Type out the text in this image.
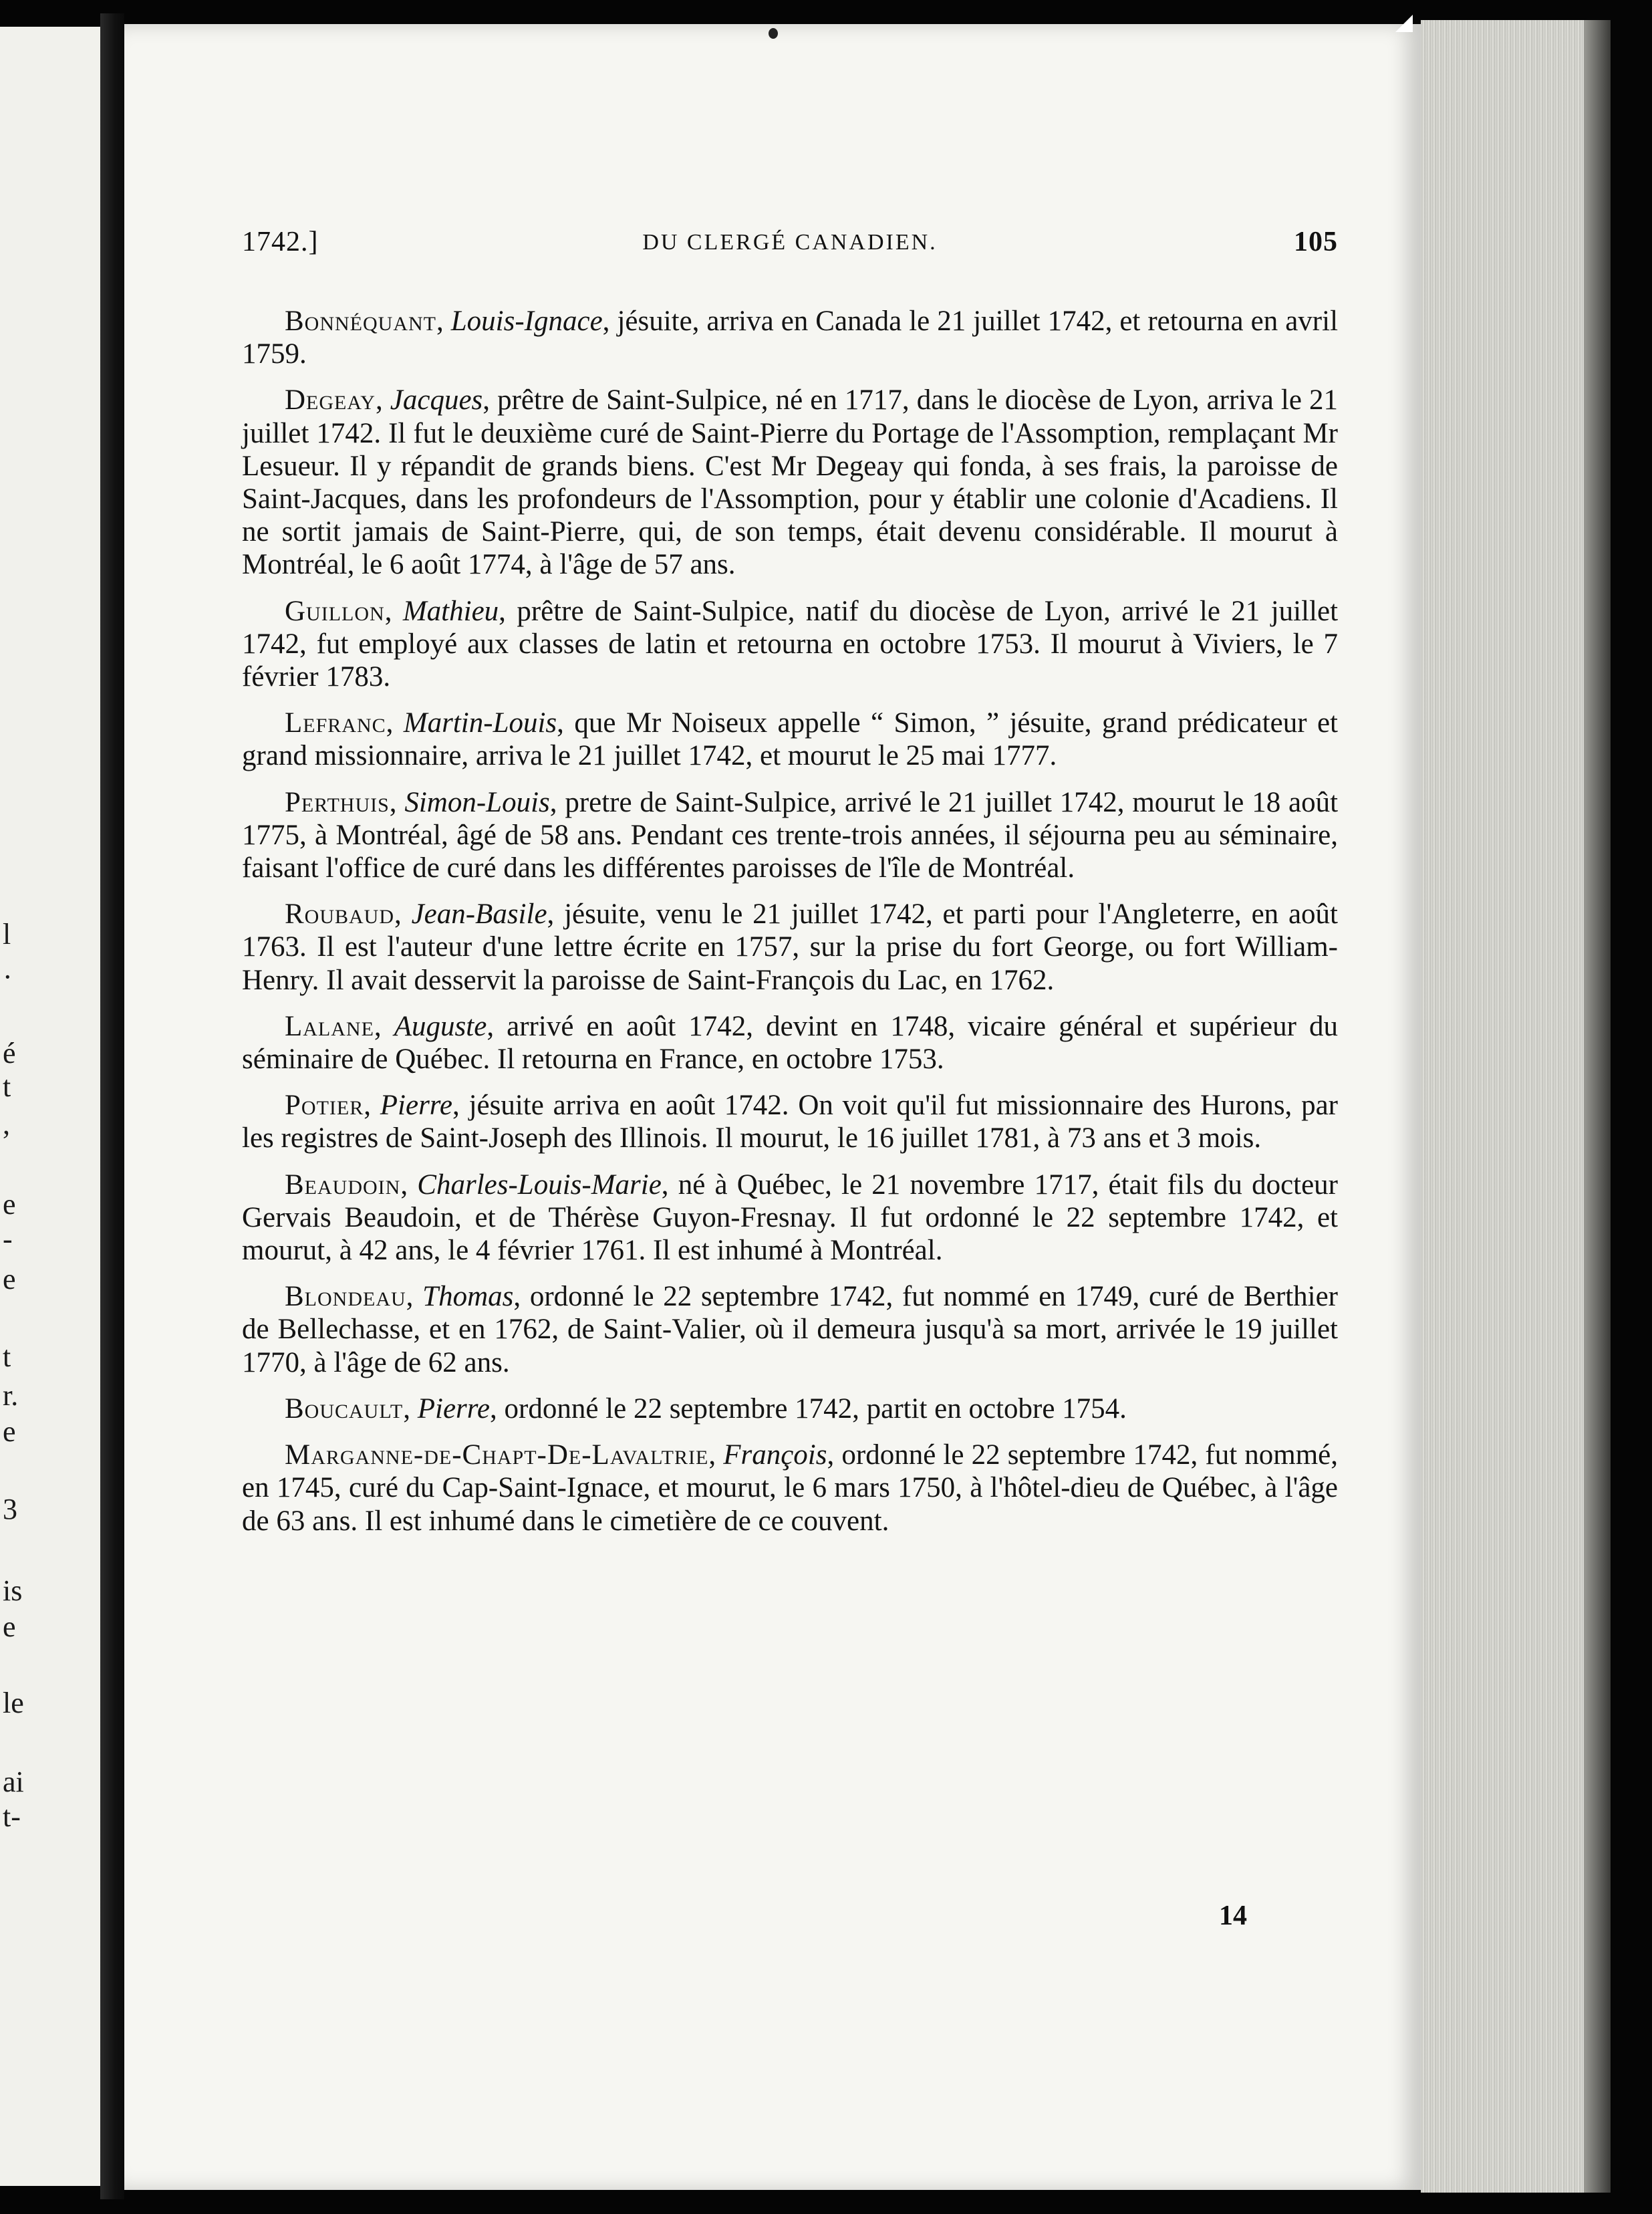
l
·
é
t
,
e
-
e
t
r.
e
3
is
e
le
ai
t-
1742.]	DU CLERGÉ CANADIEN.	105

Bonnéquant, Louis-Ignace, jésuite, arriva en Canada le 21 juillet 1742, et retourna en avril 1759.

Degeay, Jacques, prêtre de Saint-Sulpice, né en 1717, dans le diocèse de Lyon, arriva le 21 juillet 1742. Il fut le deuxième curé de Saint-Pierre du Portage de l'Assomption, remplaçant Mr Lesueur. Il y répandit de grands biens. C'est Mr Degeay qui fonda, à ses frais, la paroisse de Saint-Jacques, dans les profondeurs de l'Assomption, pour y établir une colonie d'Acadiens. Il ne sortit jamais de Saint-Pierre, qui, de son temps, était devenu considérable. Il mourut à Montréal, le 6 août 1774, à l'âge de 57 ans.

Guillon, Mathieu, prêtre de Saint-Sulpice, natif du diocèse de Lyon, arrivé le 21 juillet 1742, fut employé aux classes de latin et retourna en octobre 1753. Il mourut à Viviers, le 7 février 1783.

Lefranc, Martin-Louis, que Mr Noiseux appelle “ Simon, ” jésuite, grand prédicateur et grand missionnaire, arriva le 21 juillet 1742, et mourut le 25 mai 1777.

Perthuis, Simon-Louis, pretre de Saint-Sulpice, arrivé le 21 juillet 1742, mourut le 18 août 1775, à Montréal, âgé de 58 ans. Pendant ces trente-trois années, il séjourna peu au séminaire, faisant l'office de curé dans les différentes paroisses de l'île de Montréal.

Roubaud, Jean-Basile, jésuite, venu le 21 juillet 1742, et parti pour l'Angleterre, en août 1763. Il est l'auteur d'une lettre écrite en 1757, sur la prise du fort George, ou fort William-Henry. Il avait desservit la paroisse de Saint-François du Lac, en 1762.

Lalane, Auguste, arrivé en août 1742, devint en 1748, vicaire général et supérieur du séminaire de Québec. Il retourna en France, en octobre 1753.

Potier, Pierre, jésuite arriva en août 1742. On voit qu'il fut missionnaire des Hurons, par les registres de Saint-Joseph des Illinois. Il mourut, le 16 juillet 1781, à 73 ans et 3 mois.

Beaudoin, Charles-Louis-Marie, né à Québec, le 21 novembre 1717, était fils du docteur Gervais Beaudoin, et de Thérèse Guyon-Fresnay. Il fut ordonné le 22 septembre 1742, et mourut, à 42 ans, le 4 février 1761. Il est inhumé à Montréal.

Blondeau, Thomas, ordonné le 22 septembre 1742, fut nommé en 1749, curé de Berthier de Bellechasse, et en 1762, de Saint-Valier, où il demeura jusqu'à sa mort, arrivée le 19 juillet 1770, à l'âge de 62 ans.

Boucault, Pierre, ordonné le 22 septembre 1742, partit en octobre 1754.

Marganne-de-Chapt-De-Lavaltrie, François, ordonné le 22 septembre 1742, fut nommé, en 1745, curé du Cap-Saint-Ignace, et mourut, le 6 mars 1750, à l'hôtel-dieu de Québec, à l'âge de 63 ans. Il est inhumé dans le cimetière de ce couvent.

14
